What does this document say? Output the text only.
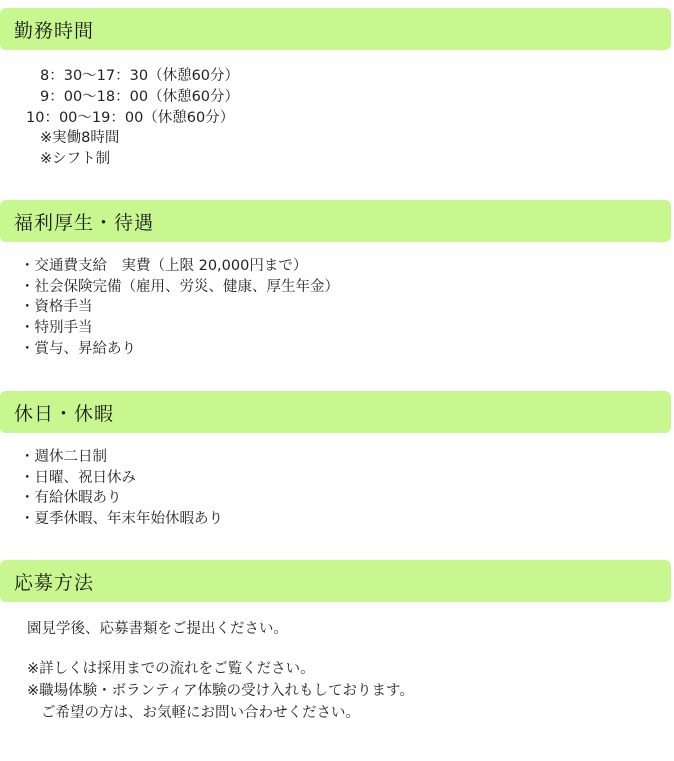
勤務時間
8：30～17：30（休憩60分）
9：00～18：00（休憩60分）
10：00～19：00（休憩60分）
※実働8時間
※シフト制
福利厚生・待遇
・交通費支給　実費（上限 20,000円まで）
・社会保険完備（雇用、労災、健康、厚生年金）
・資格手当
・特別手当
・賞与、昇給あり
休日・休暇
・週休二日制
・日曜、祝日休み
・有給休暇あり
・夏季休暇、年末年始休暇あり
応募方法
園見学後、応募書類をご提出ください。
※詳しくは採用までの流れをご覧ください。
※職場体験・ボランティア体験の受け入れもしております。
ご希望の方は、お気軽にお問い合わせください。
